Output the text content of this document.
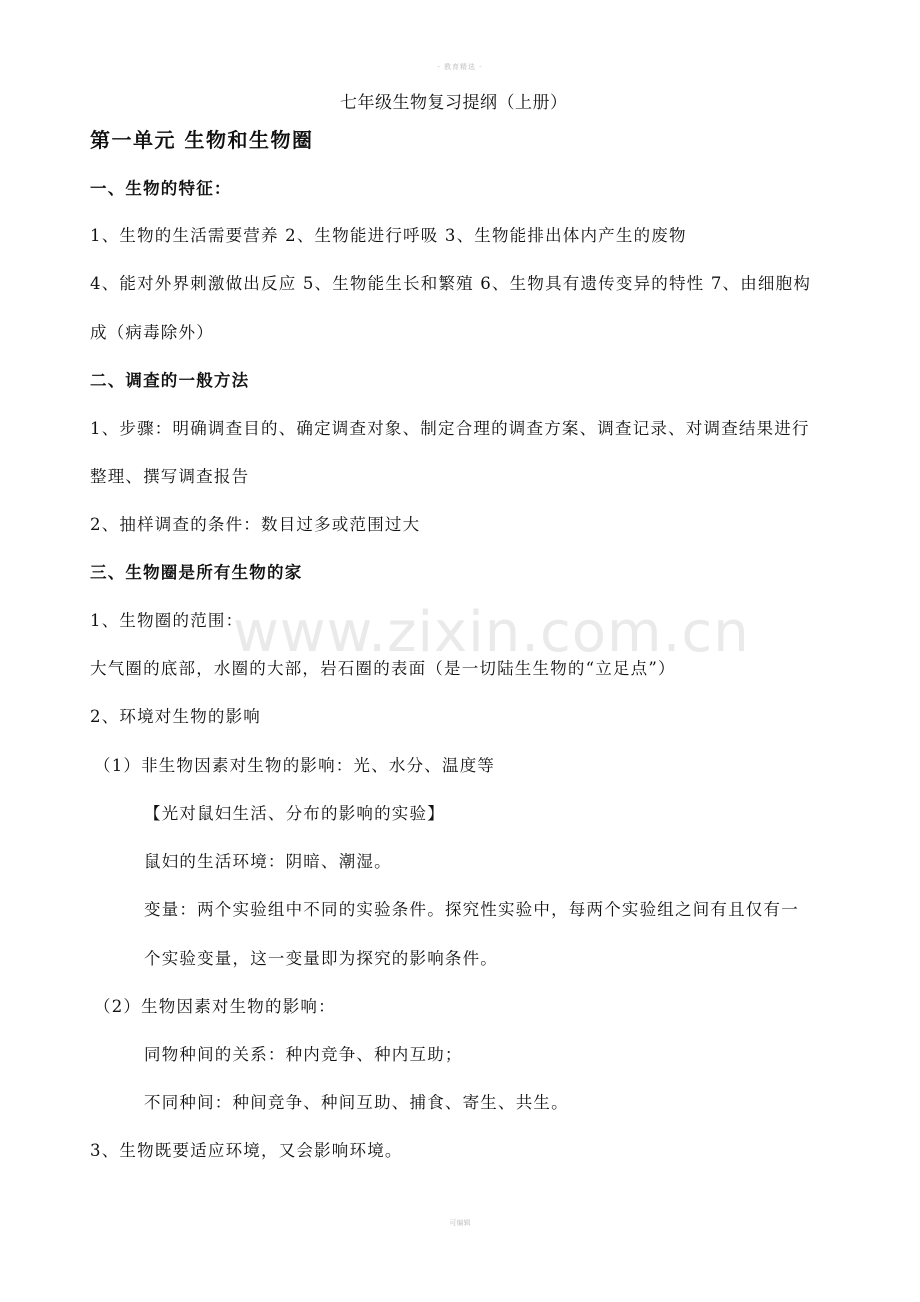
- 教育精选 -
www.zixin.com.cn
七年级生物复习提纲（上册）
第一单元 生物和生物圈
一、生物的特征：
1、生物的生活需要营养 2、生物能进行呼吸 3、生物能排出体内产生的废物
4、能对外界刺激做出反应 5、生物能生长和繁殖 6、生物具有遗传变异的特性 7、由细胞构
成（病毒除外）
二、调查的一般方法
1、步骤：明确调查目的、确定调查对象、制定合理的调查方案、调查记录、对调查结果进行
整理、撰写调查报告
2、抽样调查的条件：数目过多或范围过大
三、生物圈是所有生物的家
1、生物圈的范围：
大气圈的底部，水圈的大部，岩石圈的表面（是一切陆生生物的“立足点”）
2、环境对生物的影响
（1）非生物因素对生物的影响：光、水分、温度等
【光对鼠妇生活、分布的影响的实验】
鼠妇的生活环境：阴暗、潮湿。
变量：两个实验组中不同的实验条件。探究性实验中，每两个实验组之间有且仅有一
个实验变量，这一变量即为探究的影响条件。
（2）生物因素对生物的影响：
同物种间的关系：种内竞争、种内互助；
不同种间：种间竞争、种间互助、捕食、寄生、共生。
3、生物既要适应环境，又会影响环境。
可编辑
